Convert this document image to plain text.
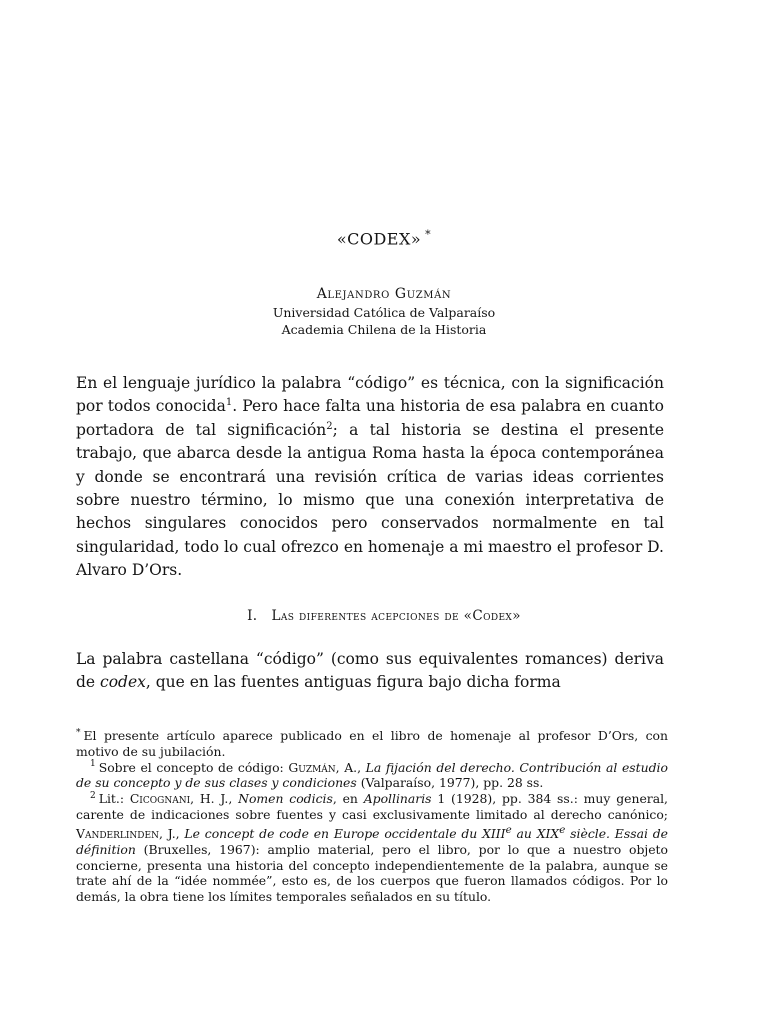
«CODEX» *
Alejandro Guzmán
Universidad Católica de Valparaíso
Academia Chilena de la Historia

En el lenguaje jurídico la palabra “código” es técnica, con la significación por todos conocida$^1$. Pero hace falta una historia de esa palabra en cuanto portadora de tal significación$^2$; a tal historia se destina el presente trabajo, que abarca desde la antigua Roma hasta la época contemporánea y donde se encontrará una revisión crítica de varias ideas corrientes sobre nuestro término, lo mismo que una conexión interpretativa de hechos singulares conocidos pero conservados normalmente en tal singularidad, todo lo cual ofrezco en homenaje a mi maestro el profesor D. Alvaro D’Ors.

I. Las diferentes acepciones de «Codex»

La palabra castellana “código” (como sus equivalentes romances) deriva de codex, que en las fuentes antiguas figura bajo dicha forma

* El presente artículo aparece publicado en el libro de homenaje al profesor D’Ors, con motivo de su jubilación.

$^1$ Sobre el concepto de código: Guzmán, A., La fijación del derecho. Contribución al estudio de su concepto y de sus clases y condiciones (Valparaíso, 1977), pp. 28 ss.

$^2$ Lit.: Cicognani, H. J., Nomen codicis, en Apollinaris 1 (1928), pp. 384 ss.: muy general, carente de indicaciones sobre fuentes y casi exclusivamente limitado al derecho canónico; Vanderlinden, J., Le concept de code en Europe occidentale du XIIIe au XIXe siècle. Essai de définition (Bruxelles, 1967): amplio material, pero el libro, por lo que a nuestro objeto concierne, presenta una historia del concepto independientemente de la palabra, aunque se trate ahí de la “idée nommée”, esto es, de los cuerpos que fueron llamados códigos. Por lo demás, la obra tiene los límites temporales señalados en su título.
